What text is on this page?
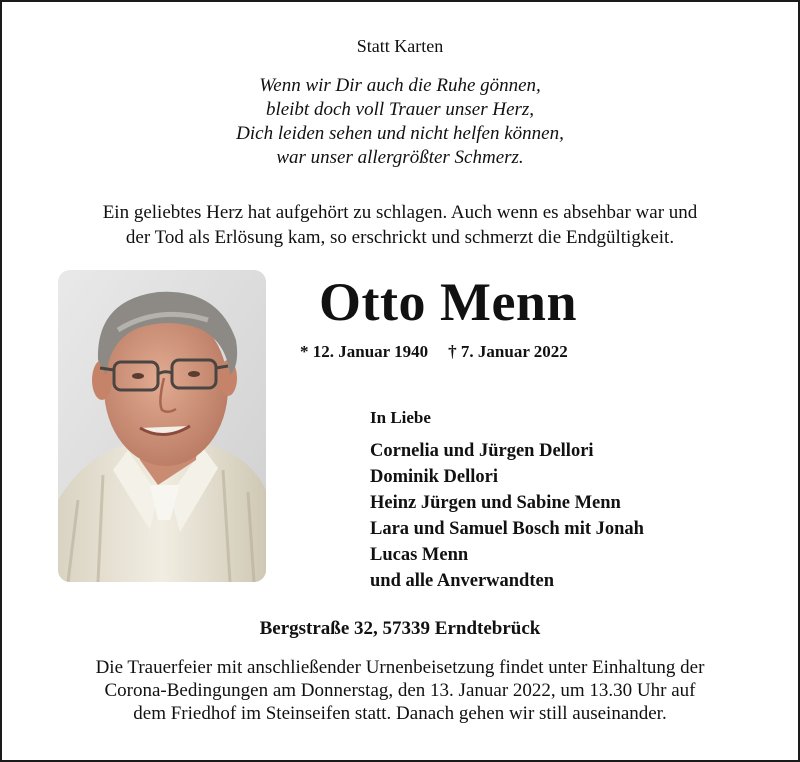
Statt Karten
Wenn wir Dir auch die Ruhe gönnen,
bleibt doch voll Trauer unser Herz,
Dich leiden sehen und nicht helfen können,
war unser allergrößter Schmerz.
Ein geliebtes Herz hat aufgehört zu schlagen. Auch wenn es absehbar war und
der Tod als Erlösung kam, so erschrickt und schmerzt die Endgültigkeit.
Otto Menn
* 12. Januar 1940 † 7. Januar 2022
In Liebe
Cornelia und Jürgen Dellori
Dominik Dellori
Heinz Jürgen und Sabine Menn
Lara und Samuel Bosch mit Jonah
Lucas Menn
und alle Anverwandten
Bergstraße 32, 57339 Erndtebrück
Die Trauerfeier mit anschließender Urnenbeisetzung findet unter Einhaltung der
Corona-Bedingungen am Donnerstag, den 13. Januar 2022, um 13.30 Uhr auf
dem Friedhof im Steinseifen statt. Danach gehen wir still auseinander.
